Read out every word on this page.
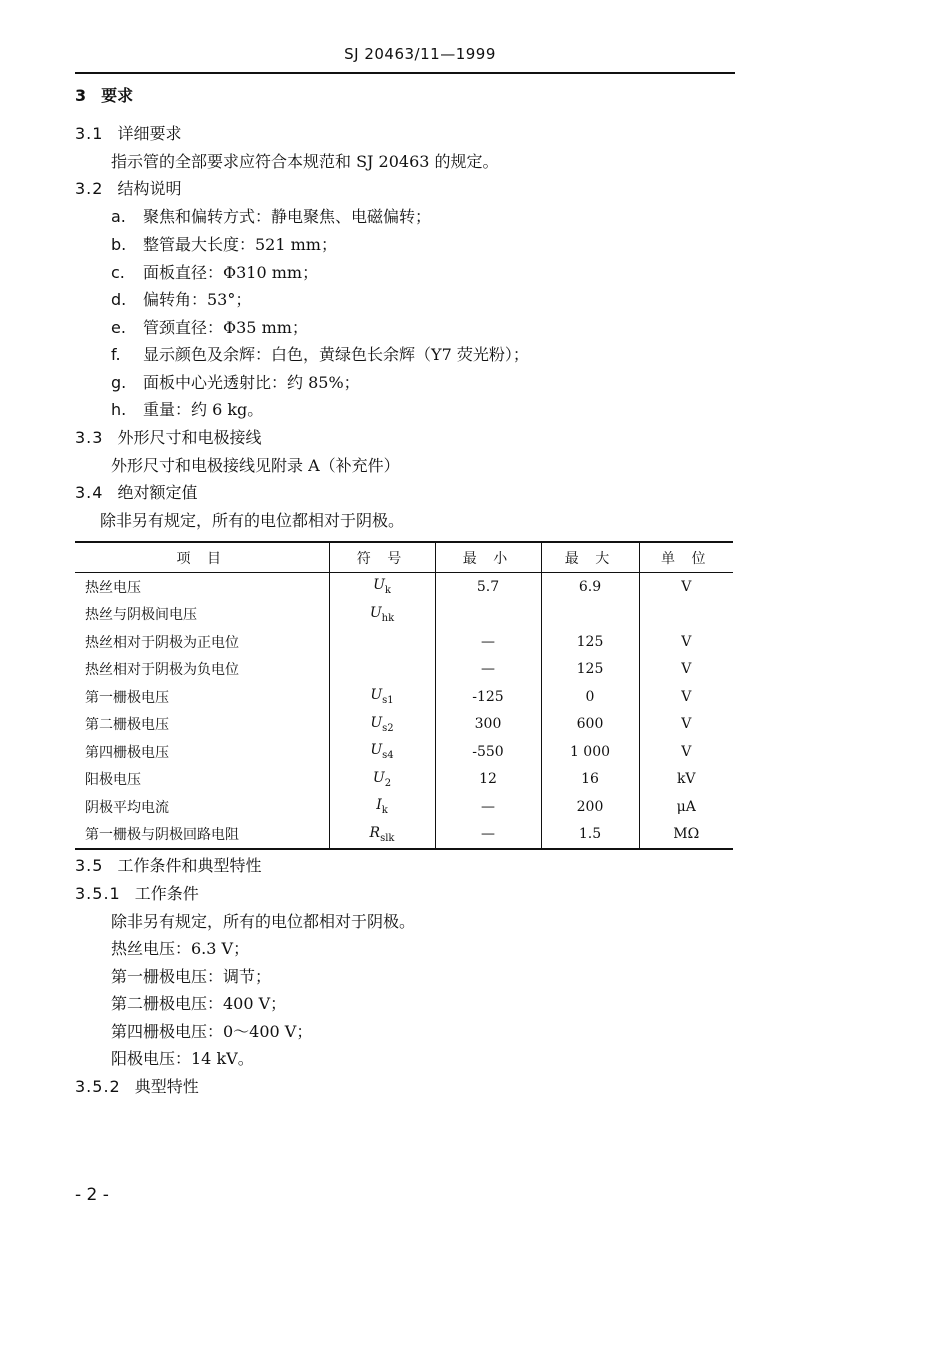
SJ 20463/11—1999
3 要求
3.1 详细要求
指示管的全部要求应符合本规范和 SJ 20463 的规定。
3.2 结构说明
a. 聚焦和偏转方式：静电聚焦、电磁偏转；
b. 整管最大长度：521 mm；
c. 面板直径：Φ310 mm；
d. 偏转角：53°；
e. 管颈直径：Φ35 mm；
f. 显示颜色及余辉：白色，黄绿色长余辉（Y7 荧光粉）；
g. 面板中心光透射比：约 85%；
h. 重量：约 6 kg。
3.3 外形尺寸和电极接线
外形尺寸和电极接线见附录 A（补充件）
3.4 绝对额定值
除非另有规定，所有的电位都相对于阴极。
项 目	符 号	最 小	最 大	单 位
热丝电压	$U_k$	5.7	6.9	V
热丝与阴极间电压	$U_{hk}$			
热丝相对于阴极为正电位		—	125	V
热丝相对于阴极为负电位		—	125	V
第一栅极电压	$U_{s1}$	-125	0	V
第二栅极电压	$U_{s2}$	300	600	V
第四栅极电压	$U_{s4}$	-550	1 000	V
阳极电压	$U_2$	12	16	kV
阴极平均电流	$I_k$	—	200	μA
第一栅极与阴极回路电阻	$R_{slk}$	—	1.5	MΩ
3.5 工作条件和典型特性
3.5.1 工作条件
除非另有规定，所有的电位都相对于阴极。
热丝电压：6.3 V；
第一栅极电压：调节；
第二栅极电压：400 V；
第四栅极电压：0～400 V；
阳极电压：14 kV。
3.5.2 典型特性
- 2 -
